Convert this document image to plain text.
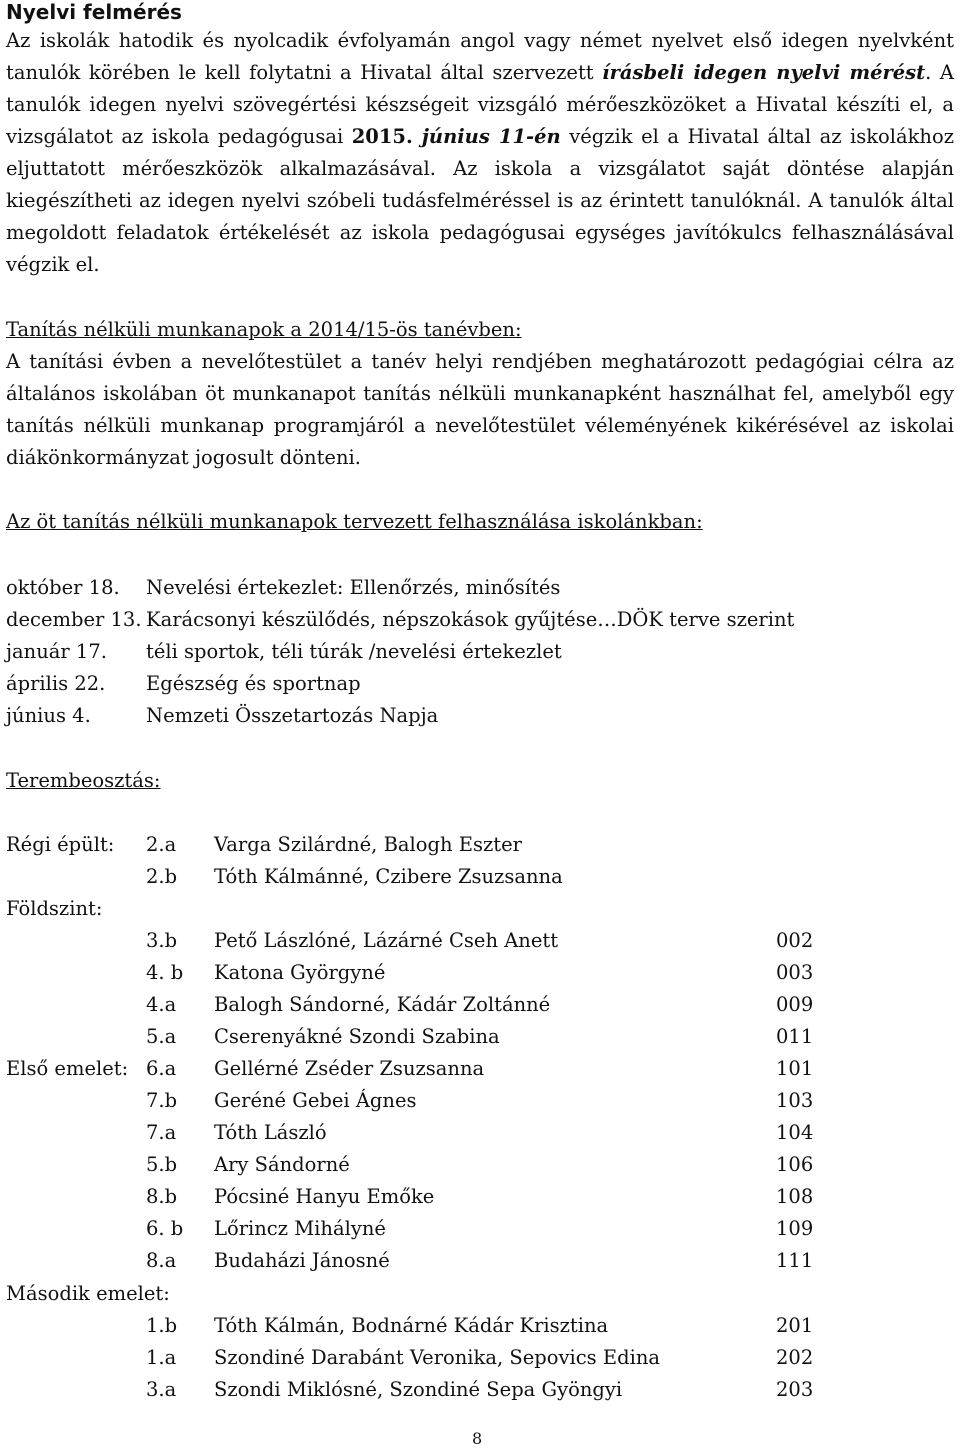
Nyelvi felmérés
Az iskolák hatodik és nyolcadik évfolyamán angol vagy német nyelvet első idegen nyelvként tanulók körében le kell folytatni a Hivatal által szervezett írásbeli idegen nyelvi mérést. A tanulók idegen nyelvi szövegértési készségeit vizsgáló mérőeszközöket a Hivatal készíti el, a vizsgálatot az iskola pedagógusai 2015. június 11-én végzik el a Hivatal által az iskolákhoz eljuttatott mérőeszközök alkalmazásával. Az iskola a vizsgálatot saját döntése alapján kiegészítheti az idegen nyelvi szóbeli tudásfelméréssel is az érintett tanulóknál. A tanulók által megoldott feladatok értékelését az iskola pedagógusai egységes javítókulcs felhasználásával végzik el.
Tanítás nélküli munkanapok a 2014/15-ös tanévben:
A tanítási évben a nevelőtestület a tanév helyi rendjében meghatározott pedagógiai célra az általános iskolában öt munkanapot tanítás nélküli munkanapként használhat fel, amelyből egy tanítás nélküli munkanap programjáról a nevelőtestület véleményének kikérésével az iskolai diákönkormányzat jogosult dönteni.
Az öt tanítás nélküli munkanapok tervezett felhasználása iskolánkban:
október 18. Nevelési értekezlet: Ellenőrzés, minősítés
december 13. Karácsonyi készülődés, népszokások gyűjtése…DÖK terve szerint
január 17. téli sportok, téli túrák /nevelési értekezlet
április 22. Egészség és sportnap
június 4.	Nemzeti Összetartozás Napja
Terembeosztás:
Régi épült: 2.a Varga Szilárdné, Balogh Eszter
2.b Tóth Kálmánné, Czibere Zsuzsanna
Földszint:
3.b Pető Lászlóné, Lázárné Cseh Anett	002
4. b Katona Györgyné	003
4.a Balogh Sándorné, Kádár Zoltánné	009
5.a Cserenyákné Szondi Szabina	011
Első emelet: 6.a Gellérné Zséder Zsuzsanna	101
7.b Geréné Gebei Ágnes	103
7.a Tóth László	104
5.b Ary Sándorné	106
8.b Pócsiné Hanyu Emőke	108
6. b Lőrincz Mihályné	109
8.a Budaházi Jánosné	111
Második emelet:
1.b Tóth Kálmán, Bodnárné Kádár Krisztina	201
1.a Szondiné Darabánt Veronika, Sepovics Edina	202
3.a Szondi Miklósné, Szondiné Sepa Gyöngyi	203
8
